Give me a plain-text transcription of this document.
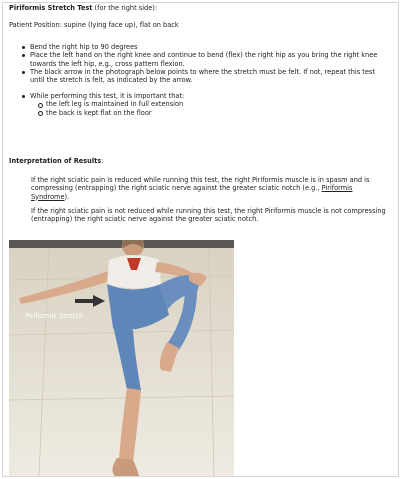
Piriformis Stretch Test (for the right side):
Patient Position: supine (lying face up), flat on back
Bend the right hip to 90 degrees
Place the left hand on the right knee and continue to bend (flex) the right hip as you bring the right knee towards the left hip, e.g., cross pattern flexion.
The black arrow in the photograph below points to where the stretch must be felt. If not, repeat this test until the stretch is felt, as indicated by the arrow.
While performing this test, it is important that:
the left leg is maintained in full extension
the back is kept flat on the floor
Interpretation of Results:
If the right sciatic pain is reduced while running this test, the right Piriformis muscle is in spasm and is compressing (entrapping) the right sciatic nerve against the greater sciatic notch (e.g., Piriformis Syndrome).
If the right sciatic pain is not reduced while running this test, the right Piriformis muscle is not compressing (entrapping) the right sciatic nerve against the greater sciatic notch.
Piriformis Stretch
